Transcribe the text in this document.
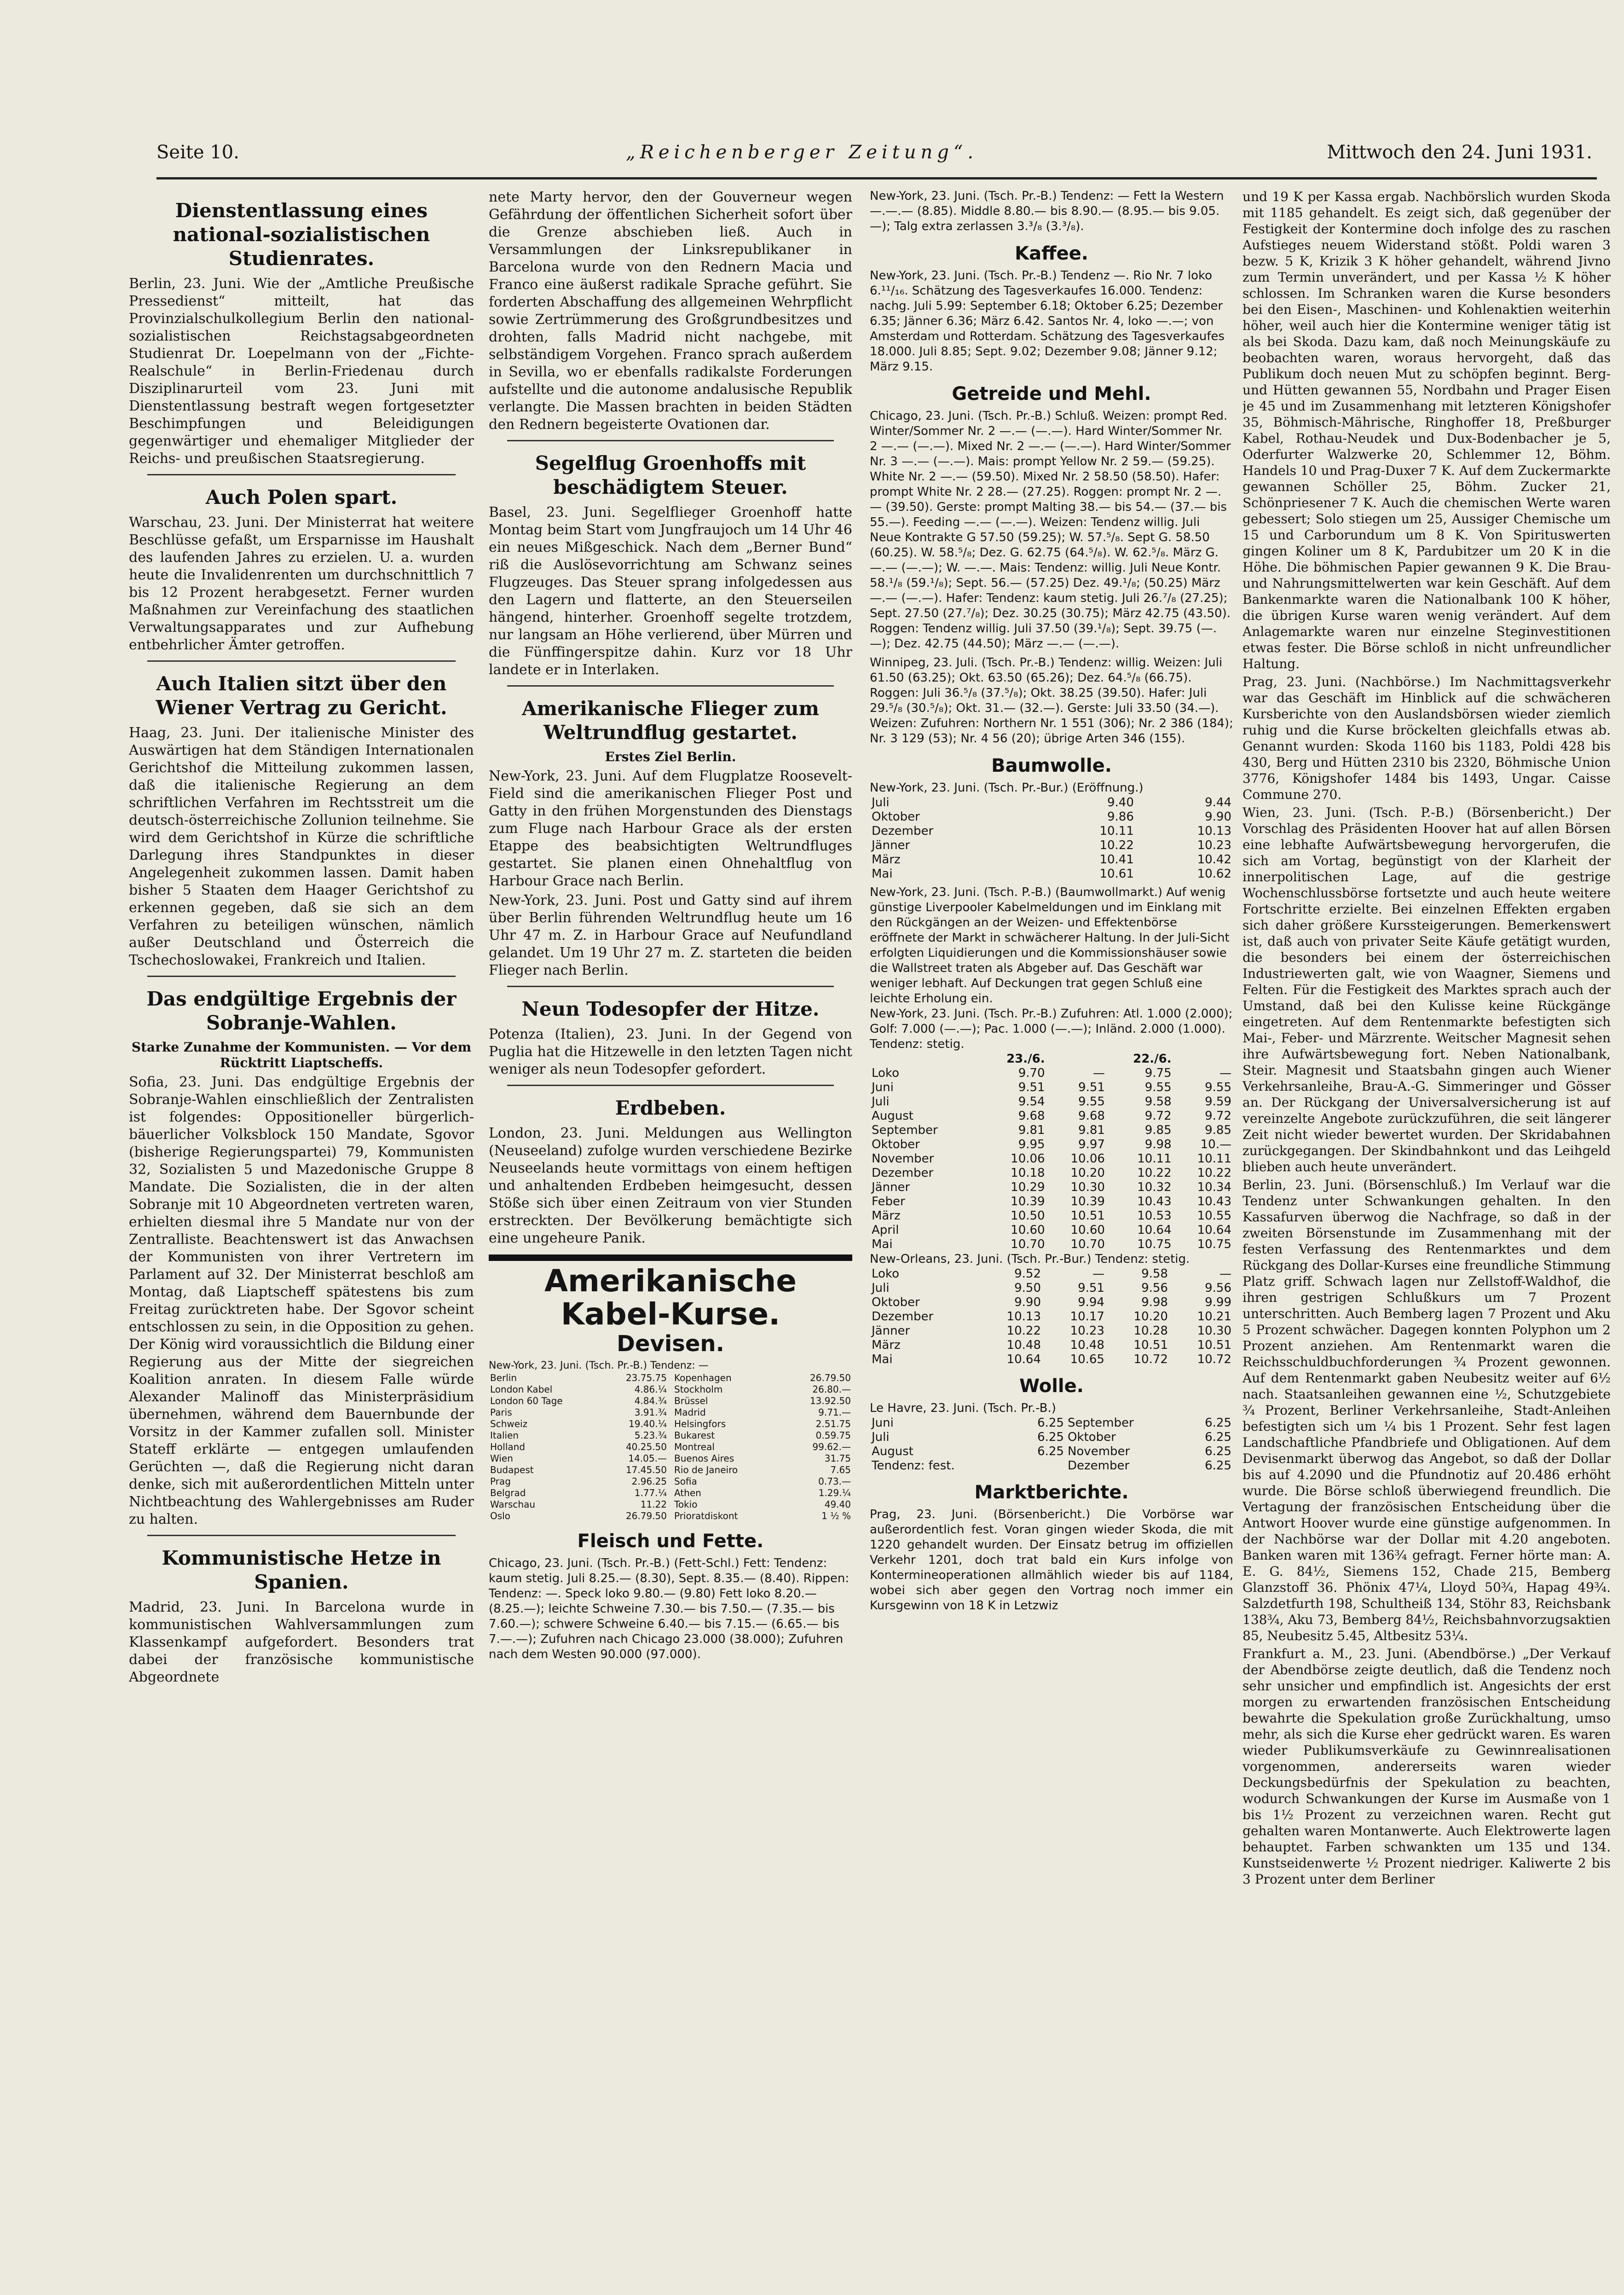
Seite 10.	„Reichenberger Zeitung“.	Mittwoch den 24. Juni 1931.
Dienstentlassung eines national-sozialistischen Studienrates.

Berlin, 23. Juni. Wie der „Amtliche Preußische Pressedienst“ mitteilt, hat das Provinzialschulkollegium Berlin den national-sozialistischen Reichstagsabgeordneten Studienrat Dr. Loepelmann von der „Fichte-Realschule“ in Berlin-Friedenau durch Disziplinarurteil vom 23. Juni mit Dienstentlassung bestraft wegen fortgesetzter Beschimpfungen und Beleidigungen gegenwärtiger und ehemaliger Mitglieder der Reichs- und preußischen Staatsregierung.

Auch Polen spart.

Warschau, 23. Juni. Der Ministerrat hat weitere Beschlüsse gefaßt, um Ersparnisse im Haushalt des laufenden Jahres zu erzielen. U. a. wurden heute die Invalidenrenten um durchschnittlich 7 bis 12 Prozent herabgesetzt. Ferner wurden Maßnahmen zur Vereinfachung des staatlichen Verwaltungsapparates und zur Aufhebung entbehrlicher Ämter getroffen.

Auch Italien sitzt über den Wiener Vertrag zu Gericht.

Haag, 23. Juni. Der italienische Minister des Auswärtigen hat dem Ständigen Internationalen Gerichtshof die Mitteilung zukommen lassen, daß die italienische Regierung an dem schriftlichen Verfahren im Rechtsstreit um die deutsch-österreichische Zollunion teilnehme. Sie wird dem Gerichtshof in Kürze die schriftliche Darlegung ihres Standpunktes in dieser Angelegenheit zukommen lassen. Damit haben bisher 5 Staaten dem Haager Gerichtshof zu erkennen gegeben, daß sie sich an dem Verfahren zu beteiligen wünschen, nämlich außer Deutschland und Österreich die Tschechoslowakei, Frankreich und Italien.

Das endgültige Ergebnis der Sobranje-Wahlen.
Starke Zunahme der Kommunisten. — Vor dem Rücktritt Liaptscheffs.

Sofia, 23. Juni. Das endgültige Ergebnis der Sobranje-Wahlen einschließlich der Zentralisten ist folgendes: Oppositioneller bürgerlich-bäuerlicher Volksblock 150 Mandate, Sgovor (bisherige Regierungspartei) 79, Kommunisten 32, Sozialisten 5 und Mazedonische Gruppe 8 Mandate. Die Sozialisten, die in der alten Sobranje mit 10 Abgeordneten vertreten waren, erhielten diesmal ihre 5 Mandate nur von der Zentralliste. Beachtenswert ist das Anwachsen der Kommunisten von ihrer Vertretern im Parlament auf 32. Der Ministerrat beschloß am Montag, daß Liaptscheff spätestens bis zum Freitag zurücktreten habe. Der Sgovor scheint entschlossen zu sein, in die Opposition zu gehen. Der König wird voraussichtlich die Bildung einer Regierung aus der Mitte der siegreichen Koalition anraten. In diesem Falle würde Alexander Malinoff das Ministerpräsidium übernehmen, während dem Bauernbunde der Vorsitz in der Kammer zufallen soll. Minister Stateff erklärte — entgegen umlaufenden Gerüchten —, daß die Regierung nicht daran denke, sich mit außerordentlichen Mitteln unter Nichtbeachtung des Wahlergebnisses am Ruder zu halten.

Kommunistische Hetze in Spanien.

Madrid, 23. Juni. In Barcelona wurde in kommunistischen Wahlversammlungen zum Klassenkampf aufgefordert. Besonders trat dabei der französische kommunistische Abgeordnete

nete Marty hervor, den der Gouverneur wegen Gefährdung der öffentlichen Sicherheit sofort über die Grenze abschieben ließ. Auch in Versammlungen der Linksrepublikaner in Barcelona wurde von den Rednern Macia und Franco eine äußerst radikale Sprache geführt. Sie forderten Abschaffung des allgemeinen Wehrpflicht sowie Zertrümmerung des Großgrundbesitzes und drohten, falls Madrid nicht nachgebe, mit selbständigem Vorgehen. Franco sprach außerdem in Sevilla, wo er ebenfalls radikalste Forderungen aufstellte und die autonome andalusische Republik verlangte. Die Massen brachten in beiden Städten den Rednern begeisterte Ovationen dar.

Segelflug Groenhoffs mit beschädigtem Steuer.

Basel, 23. Juni. Segelflieger Groenhoff hatte Montag beim Start vom Jungfraujoch um 14 Uhr 46 ein neues Mißgeschick. Nach dem „Berner Bund“ riß die Auslösevorrichtung am Schwanz seines Flugzeuges. Das Steuer sprang infolgedessen aus den Lagern und flatterte, an den Steuerseilen hängend, hinterher. Groenhoff segelte trotzdem, nur langsam an Höhe verlierend, über Mürren und die Fünffingerspitze dahin. Kurz vor 18 Uhr landete er in Interlaken.

Amerikanische Flieger zum Weltrundflug gestartet.
Erstes Ziel Berlin.

New-York, 23. Juni. Auf dem Flugplatze Roosevelt-Field sind die amerikanischen Flieger Post und Gatty in den frühen Morgenstunden des Dienstags zum Fluge nach Harbour Grace als der ersten Etappe des beabsichtigten Weltrundfluges gestartet. Sie planen einen Ohnehaltflug von Harbour Grace nach Berlin.

New-York, 23. Juni. Post und Gatty sind auf ihrem über Berlin führenden Weltrundflug heute um 16 Uhr 47 m. Z. in Harbour Grace auf Neufundland gelandet. Um 19 Uhr 27 m. Z. starteten die beiden Flieger nach Berlin.

Neun Todesopfer der Hitze.

Potenza (Italien), 23. Juni. In der Gegend von Puglia hat die Hitzewelle in den letzten Tagen nicht weniger als neun Todesopfer gefordert.

Erdbeben.

London, 23. Juni. Meldungen aus Wellington (Neuseeland) zufolge wurden verschiedene Bezirke Neuseelands heute vormittags von einem heftigen und anhaltenden Erdbeben heimgesucht, dessen Stöße sich über einen Zeitraum von vier Stunden erstreckten. Der Bevölkerung bemächtigte sich eine ungeheure Panik.

Amerikanische Kabel-Kurse.
Devisen.
New-York, 23. Juni. (Tsch. Pr.-B.) Tendenz: —
Berlin	23.75.75
London Kabel	4.86.¼
London 60 Tage	4.84.¾
Paris	3.91.¾
Schweiz	19.40.¼
Italien	5.23.¾
Holland	40.25.50
Wien	14.05.—
Budapest	17.45.50
Prag	2.96.25
Belgrad	1.77.¼
Warschau	11.22
Oslo	26.79.50
Kopenhagen	26.79.50
Stockholm	26.80.—
Brüssel	13.92.50
Madrid	9.71.—
Helsingfors	2.51.75
Bukarest	0.59.75
Montreal	99.62.—
Buenos Aires	31.75
Rio de Janeiro	7.65
Sofia	0.73.—
Athen	1.29.¼
Tokio	49.40
Prioratdiskont	1 ½ %
Fleisch und Fette.
Chicago, 23. Juni. (Tsch. Pr.-B.) (Fett-Schl.) Fett: Tendenz: kaum stetig. Juli 8.25.— (8.30), Sept. 8.35.— (8.40). Rippen: Tendenz: —. Speck loko 9.80.— (9.80) Fett loko 8.20.— (8.25.—); leichte Schweine 7.30.— bis 7.50.— (7.35.— bis 7.60.—); schwere Schweine 6.40.— bis 7.15.— (6.65.— bis 7.—.—); Zufuhren nach Chicago 23.000 (38.000); Zufuhren nach dem Westen 90.000 (97.000).
New-York, 23. Juni. (Tsch. Pr.-B.) Tendenz: — Fett Ia Western —.—.— (8.85). Middle 8.80.— bis 8.90.— (8.95.— bis 9.05.—); Talg extra zerlassen 3.³/₈ (3.³/₈).
Kaffee.
New-York, 23. Juni. (Tsch. Pr.-B.) Tendenz —. Rio Nr. 7 loko 6.¹¹/₁₆. Schätzung des Tagesverkaufes 16.000. Tendenz: nachg. Juli 5.99: September 6.18; Oktober 6.25; Dezember 6.35; Jänner 6.36; März 6.42. Santos Nr. 4, loko —.—; von Amsterdam und Rotterdam. Schätzung des Tagesverkaufes 18.000. Juli 8.85; Sept. 9.02; Dezember 9.08; Jänner 9.12; März 9.15.
Getreide und Mehl.
Chicago, 23. Juni. (Tsch. Pr.-B.) Schluß. Weizen: prompt Red. Winter/Sommer Nr. 2 —.— (—.—). Hard Winter/Sommer Nr. 2 —.— (—.—). Mixed Nr. 2 —.— (—.—). Hard Winter/Sommer Nr. 3 —.— (—.—). Mais: prompt Yellow Nr. 2 59.— (59.25). White Nr. 2 —.— (59.50). Mixed Nr. 2 58.50 (58.50). Hafer: prompt White Nr. 2 28.— (27.25). Roggen: prompt Nr. 2 —.— (39.50). Gerste: prompt Malting 38.— bis 54.— (37.— bis 55.—). Feeding —.— (—.—). Weizen: Tendenz willig. Juli Neue Kontrakte G 57.50 (59.25); W. 57.⁵/₈. Sept G. 58.50 (60.25). W. 58.⁵/₈; Dez. G. 62.75 (64.⁵/₈). W. 62.⁵/₈. März G. —.— (—.—); W. —.—. Mais: Tendenz: willig. Juli Neue Kontr. 58.¹/₈ (59.¹/₈); Sept. 56.— (57.25) Dez. 49.¹/₈; (50.25) März —.— (—.—). Hafer: Tendenz: kaum stetig. Juli 26.⁷/₈ (27.25); Sept. 27.50 (27.⁷/₈); Dez. 30.25 (30.75); März 42.75 (43.50). Roggen: Tendenz willig. Juli 37.50 (39.¹/₈); Sept. 39.75 (—.—); Dez. 42.75 (44.50); März —.— (—.—).
Winnipeg, 23. Juli. (Tsch. Pr.-B.) Tendenz: willig. Weizen: Juli 61.50 (63.25); Okt. 63.50 (65.26); Dez. 64.⁵/₈ (66.75). Roggen: Juli 36.⁵/₈ (37.⁵/₈); Okt. 38.25 (39.50). Hafer: Juli 29.⁵/₈ (30.⁵/₈); Okt. 31.— (32.—). Gerste: Juli 33.50 (34.—). Weizen: Zufuhren: Northern Nr. 1 551 (306); Nr. 2 386 (184); Nr. 3 129 (53); Nr. 4 56 (20); übrige Arten 346 (155).
Baumwolle.
New-York, 23. Juni. (Tsch. Pr.-Bur.) (Eröffnung.)
Juli	9.40	9.44
Oktober	9.86	9.90
Dezember	10.11	10.13
Jänner	10.22	10.23
März	10.41	10.42
Mai	10.61	10.62
New-York, 23. Juni. (Tsch. P.-B.) (Baumwollmarkt.) Auf wenig günstige Liverpooler Kabelmeldungen und im Einklang mit den Rückgängen an der Weizen- und Effektenbörse eröffnete der Markt in schwächerer Haltung. In der Juli-Sicht erfolgten Liquidierungen und die Kommissionshäuser sowie die Wallstreet traten als Abgeber auf. Das Geschäft war weniger lebhaft. Auf Deckungen trat gegen Schluß eine leichte Erholung ein.
New-York, 23. Juni. (Tsch. Pr.-B.) Zufuhren: Atl. 1.000 (2.000); Golf: 7.000 (—.—); Pac. 1.000 (—.—); Inländ. 2.000 (1.000). Tendenz: stetig.
	23./6.		22./6.	
Loko	9.70	—	9.75	—
Juni	9.51	9.51	9.55	9.55
Juli	9.54	9.55	9.58	9.59
August	9.68	9.68	9.72	9.72
September	9.81	9.81	9.85	9.85
Oktober	9.95	9.97	9.98	10.—
November	10.06	10.06	10.11	10.11
Dezember	10.18	10.20	10.22	10.22
Jänner	10.29	10.30	10.32	10.34
Feber	10.39	10.39	10.43	10.43
März	10.50	10.51	10.53	10.55
April	10.60	10.60	10.64	10.64
Mai	10.70	10.70	10.75	10.75
New-Orleans, 23. Juni. (Tsch. Pr.-Bur.) Tendenz: stetig.
Loko	9.52	—	9.58	—
Juli	9.50	9.51	9.56	9.56
Oktober	9.90	9.94	9.98	9.99
Dezember	10.13	10.17	10.20	10.21
Jänner	10.22	10.23	10.28	10.30
März	10.48	10.48	10.51	10.51
Mai	10.64	10.65	10.72	10.72
Wolle.
Le Havre, 23. Juni. (Tsch. Pr.-B.)
Juni	6.25	September	6.25
Juli	6.25	Oktober	6.25
August	6.25	November	6.25
Tendenz: fest.		Dezember	6.25
Marktberichte.
Prag, 23. Juni. (Börsenbericht.) Die Vorbörse war außerordentlich fest. Voran gingen wieder Skoda, die mit 1220 gehandelt wurden. Der Einsatz betrug im offiziellen Verkehr 1201, doch trat bald ein Kurs infolge von Kontermineoperationen allmählich wieder bis auf 1184, wobei sich aber gegen den Vortrag noch immer ein Kursgewinn von 18 K in Letzwiz

und 19 K per Kassa ergab. Nachbörslich wurden Skoda mit 1185 gehandelt. Es zeigt sich, daß gegenüber der Festigkeit der Kontermine doch infolge des zu raschen Aufstieges neuem Widerstand stößt. Poldi waren 3 bezw. 5 K, Krizik 3 K höher gehandelt, während Jivno zum Termin unverändert, und per Kassa ½ K höher schlossen. Im Schranken waren die Kurse besonders bei den Eisen-, Maschinen- und Kohlenaktien weiterhin höher, weil auch hier die Kontermine weniger tätig ist als bei Skoda. Dazu kam, daß noch Meinungskäufe zu beobachten waren, woraus hervorgeht, daß das Publikum doch neuen Mut zu schöpfen beginnt. Berg- und Hütten gewannen 55, Nordbahn und Prager Eisen je 45 und im Zusammenhang mit letzteren Königshofer 35, Böhmisch-Mährische, Ringhoffer 18, Preßburger Kabel, Rothau-Neudek und Dux-Bodenbacher je 5, Oderfurter Walzwerke 20, Schlemmer 12, Böhm. Handels 10 und Prag-Duxer 7 K. Auf dem Zuckermarkte gewannen Schöller 25, Böhm. Zucker 21, Schönpriesener 7 K. Auch die chemischen Werte waren gebessert; Solo stiegen um 25, Aussiger Chemische um 15 und Carborundum um 8 K. Von Spirituswerten gingen Koliner um 8 K, Pardubitzer um 20 K in die Höhe. Die böhmischen Papier gewannen 9 K. Die Brau- und Nahrungsmittelwerten war kein Geschäft. Auf dem Bankenmarkte waren die Nationalbank 100 K höher, die übrigen Kurse waren wenig verändert. Auf dem Anlagemarkte waren nur einzelne Steginvestitionen etwas fester. Die Börse schloß in nicht unfreundlicher Haltung.

Prag, 23. Juni. (Nachbörse.) Im Nachmittagsverkehr war das Geschäft im Hinblick auf die schwächeren Kursberichte von den Auslandsbörsen wieder ziemlich ruhig und die Kurse bröckelten gleichfalls etwas ab. Genannt wurden: Skoda 1160 bis 1183, Poldi 428 bis 430, Berg und Hütten 2310 bis 2320, Böhmische Union 3776, Königshofer 1484 bis 1493, Ungar. Caisse Commune 270.

Wien, 23. Juni. (Tsch. P.-B.) (Börsenbericht.) Der Vorschlag des Präsidenten Hoover hat auf allen Börsen eine lebhafte Aufwärtsbewegung hervorgerufen, die sich am Vortag, begünstigt von der Klarheit der innerpolitischen Lage, auf die gestrige Wochenschlussbörse fortsetzte und auch heute weitere Fortschritte erzielte. Bei einzelnen Effekten ergaben sich daher größere Kurssteigerungen. Bemerkenswert ist, daß auch von privater Seite Käufe getätigt wurden, die besonders bei einem der österreichischen Industriewerten galt, wie von Waagner, Siemens und Felten. Für die Festigkeit des Marktes sprach auch der Umstand, daß bei den Kulisse keine Rückgänge eingetreten. Auf dem Rentenmarkte befestigten sich Mai-, Feber- und Märzrente. Weitscher Magnesit sehen ihre Aufwärtsbewegung fort. Neben Nationalbank, Steir. Magnesit und Staatsbahn gingen auch Wiener Verkehrsanleihe, Brau-A.-G. Simmeringer und Gösser an. Der Rückgang der Universalversicherung ist auf vereinzelte Angebote zurückzuführen, die seit längerer Zeit nicht wieder bewertet wurden. Der Skridabahnen zurückgegangen. Der Skindbahnkont und das Leihgeld blieben auch heute unverändert.

Berlin, 23. Juni. (Börsenschluß.) Im Verlauf war die Tendenz unter Schwankungen gehalten. In den Kassafurven überwog die Nachfrage, so daß in der zweiten Börsenstunde im Zusammenhang mit der festen Verfassung des Rentenmarktes und dem Rückgang des Dollar-Kurses eine freundliche Stimmung Platz griff. Schwach lagen nur Zellstoff-Waldhof, die ihren gestrigen Schlußkurs um 7 Prozent unterschritten. Auch Bemberg lagen 7 Prozent und Aku 5 Prozent schwächer. Dagegen konnten Polyphon um 2 Prozent anziehen. Am Rentenmarkt waren die Reichsschuldbuchforderungen ¾ Prozent gewonnen. Auf dem Rentenmarkt gaben Neubesitz weiter auf 6½ nach. Staatsanleihen gewannen eine ½, Schutzgebiete ¾ Prozent, Berliner Verkehrsanleihe, Stadt-Anleihen befestigten sich um ¼ bis 1 Prozent. Sehr fest lagen Landschaftliche Pfandbriefe und Obligationen. Auf dem Devisenmarkt überwog das Angebot, so daß der Dollar bis auf 4.2090 und die Pfundnotiz auf 20.486 erhöht wurde. Die Börse schloß überwiegend freundlich. Die Vertagung der französischen Entscheidung über die Antwort Hoover wurde eine günstige aufgenommen. In der Nachbörse war der Dollar mit 4.20 angeboten. Banken waren mit 136¾ gefragt. Ferner hörte man: A. E. G. 84½, Siemens 152, Chade 215, Bemberg Glanzstoff 36. Phönix 47¼, Lloyd 50¾, Hapag 49¾. Salzdetfurth 198, Schultheiß 134, Stöhr 83, Reichsbank 138¾, Aku 73, Bemberg 84½, Reichsbahnvorzugsaktien 85, Neubesitz 5.45, Altbesitz 53¼.

Frankfurt a. M., 23. Juni. (Abendbörse.) „Der Verkauf der Abendbörse zeigte deutlich, daß die Tendenz noch sehr unsicher und empfindlich ist. Angesichts der erst morgen zu erwartenden französischen Entscheidung bewahrte die Spekulation große Zurückhaltung, umso mehr, als sich die Kurse eher gedrückt waren. Es waren wieder Publikumsverkäufe zu Gewinnrealisationen vorgenommen, andererseits waren wieder Deckungsbedürfnis der Spekulation zu beachten, wodurch Schwankungen der Kurse im Ausmaße von 1 bis 1½ Prozent zu verzeichnen waren. Recht gut gehalten waren Montanwerte. Auch Elektrowerte lagen behauptet. Farben schwankten um 135 und 134. Kunstseidenwerte ½ Prozent niedriger. Kaliwerte 2 bis 3 Prozent unter dem Berliner
